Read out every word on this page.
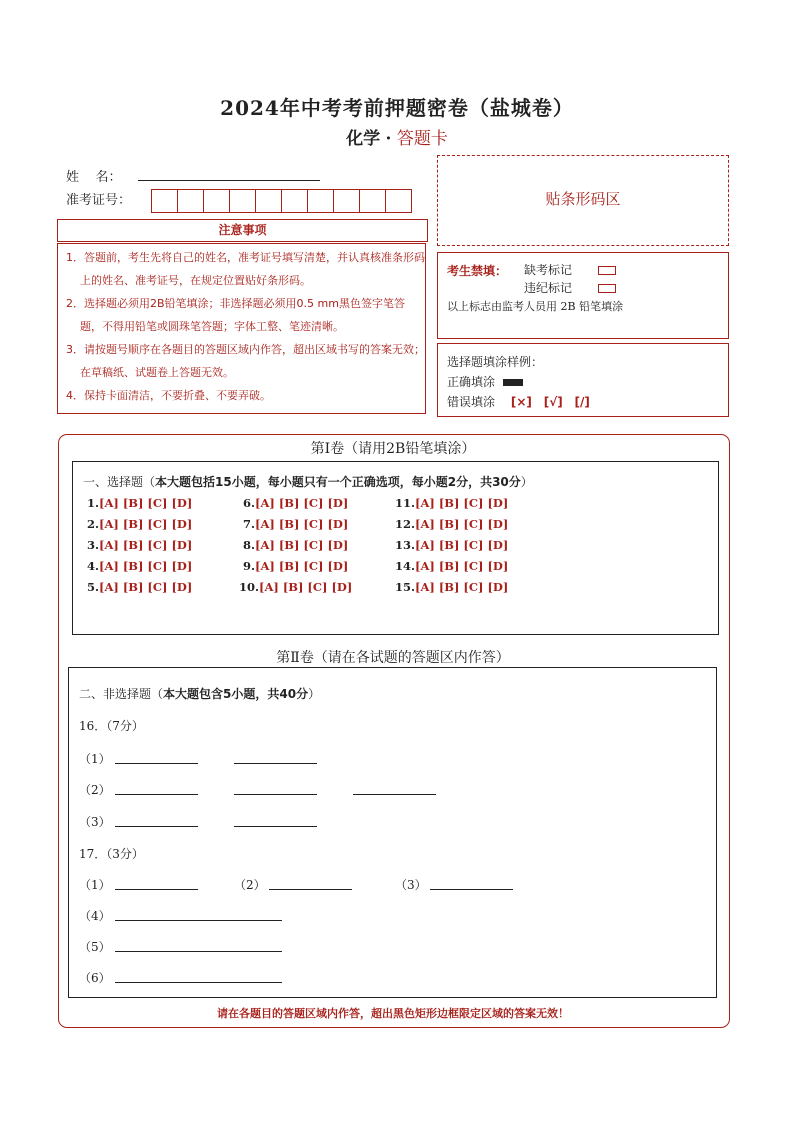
2024年中考考前押题密卷（盐城卷）
化学 · 答题卡
姓    名：
准考证号：	贴条形码区
注意事项

1．答题前，考生先将自己的姓名，准考证号填写清楚，并认真核准条形码上的姓名、准考证号，在规定位置贴好条形码。

2．选择题必须用2B铅笔填涂；非选择题必须用0.5 mm黑色签字笔答题，不得用铅笔或圆珠笔答题；字体工整、笔迹清晰。

3．请按题号顺序在各题目的答题区域内作答，超出区域书写的答案无效；在草稿纸、试题卷上答题无效。

4．保持卡面清洁，不要折叠、不要弄破。

考生禁填： 缺考标记
违纪标记
以上标志由监考人员用 2B 铅笔填涂
选择题填涂样例：
正确填涂
错误填涂 [×] [√] [/]
第Ⅰ卷（请用2B铅笔填涂）
一、选择题（本大题包括15小题，每小题只有一个正确选项，每小题2分，共30分）
1.[A] [B] [C] [D]
2.[A] [B] [C] [D]
3.[A] [B] [C] [D]
4.[A] [B] [C] [D]
5.[A] [B] [C] [D]
6.[A] [B] [C] [D]
7.[A] [B] [C] [D]
8.[A] [B] [C] [D]
9.[A] [B] [C] [D]
10.[A] [B] [C] [D]
11.[A] [B] [C] [D]
12.[A] [B] [C] [D]
13.[A] [B] [C] [D]
14.[A] [B] [C] [D]
15.[A] [B] [C] [D]
第Ⅱ卷（请在各试题的答题区内作答）
二、非选择题（本大题包含5小题，共40分）
16．（7分）
（1）
（2）
（3）
17．（3分）
（1）	（2）	（3）
（4）
（5）
（6）
请在各题目的答题区域内作答，超出黑色矩形边框限定区域的答案无效！
